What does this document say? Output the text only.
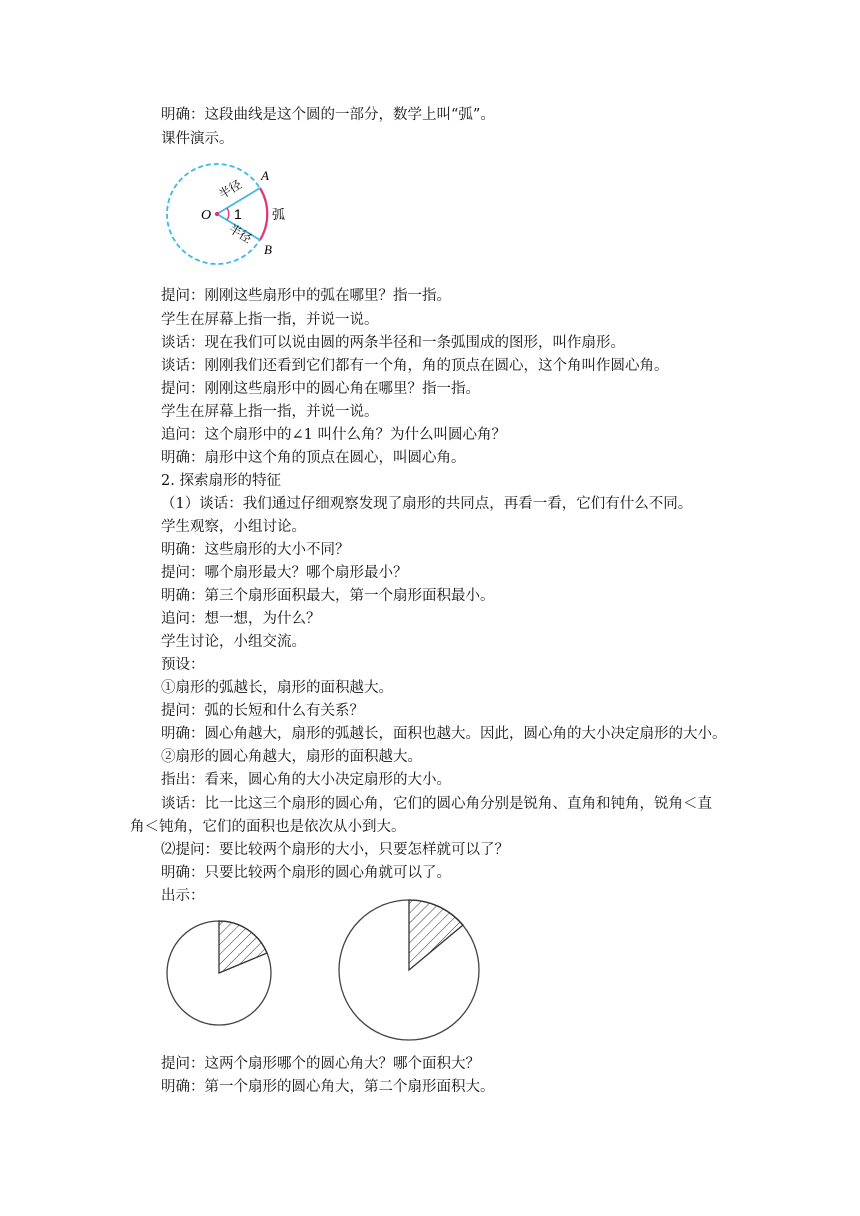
明确：这段曲线是这个圆的一部分，数学上叫“弧”。
课件演示。
O
A
B
1
半径
半径
弧
提问：刚刚这些扇形中的弧在哪里？指一指。
学生在屏幕上指一指，并说一说。
谈话：现在我们可以说由圆的两条半径和一条弧围成的图形，叫作扇形。
谈话：刚刚我们还看到它们都有一个角，角的顶点在圆心，这个角叫作圆心角。
提问：刚刚这些扇形中的圆心角在哪里？指一指。
学生在屏幕上指一指，并说一说。
追问：这个扇形中的∠1 叫什么角？为什么叫圆心角？
明确：扇形中这个角的顶点在圆心，叫圆心角。
2. 探索扇形的特征
（1）谈话：我们通过仔细观察发现了扇形的共同点，再看一看，它们有什么不同。
学生观察，小组讨论。
明确：这些扇形的大小不同？
提问：哪个扇形最大？哪个扇形最小？
明确：第三个扇形面积最大，第一个扇形面积最小。
追问：想一想，为什么？
学生讨论，小组交流。
预设：
①扇形的弧越长，扇形的面积越大。
提问：弧的长短和什么有关系？
明确：圆心角越大，扇形的弧越长，面积也越大。因此，圆心角的大小决定扇形的大小。
②扇形的圆心角越大，扇形的面积越大。
指出：看来，圆心角的大小决定扇形的大小。
谈话：比一比这三个扇形的圆心角，它们的圆心角分别是锐角、直角和钝角，锐角＜直
角＜钝角，它们的面积也是依次从小到大。
⑵提问：要比较两个扇形的大小，只要怎样就可以了？
明确：只要比较两个扇形的圆心角就可以了。
出示：
提问：这两个扇形哪个的圆心角大？哪个面积大？
明确：第一个扇形的圆心角大，第二个扇形面积大。
